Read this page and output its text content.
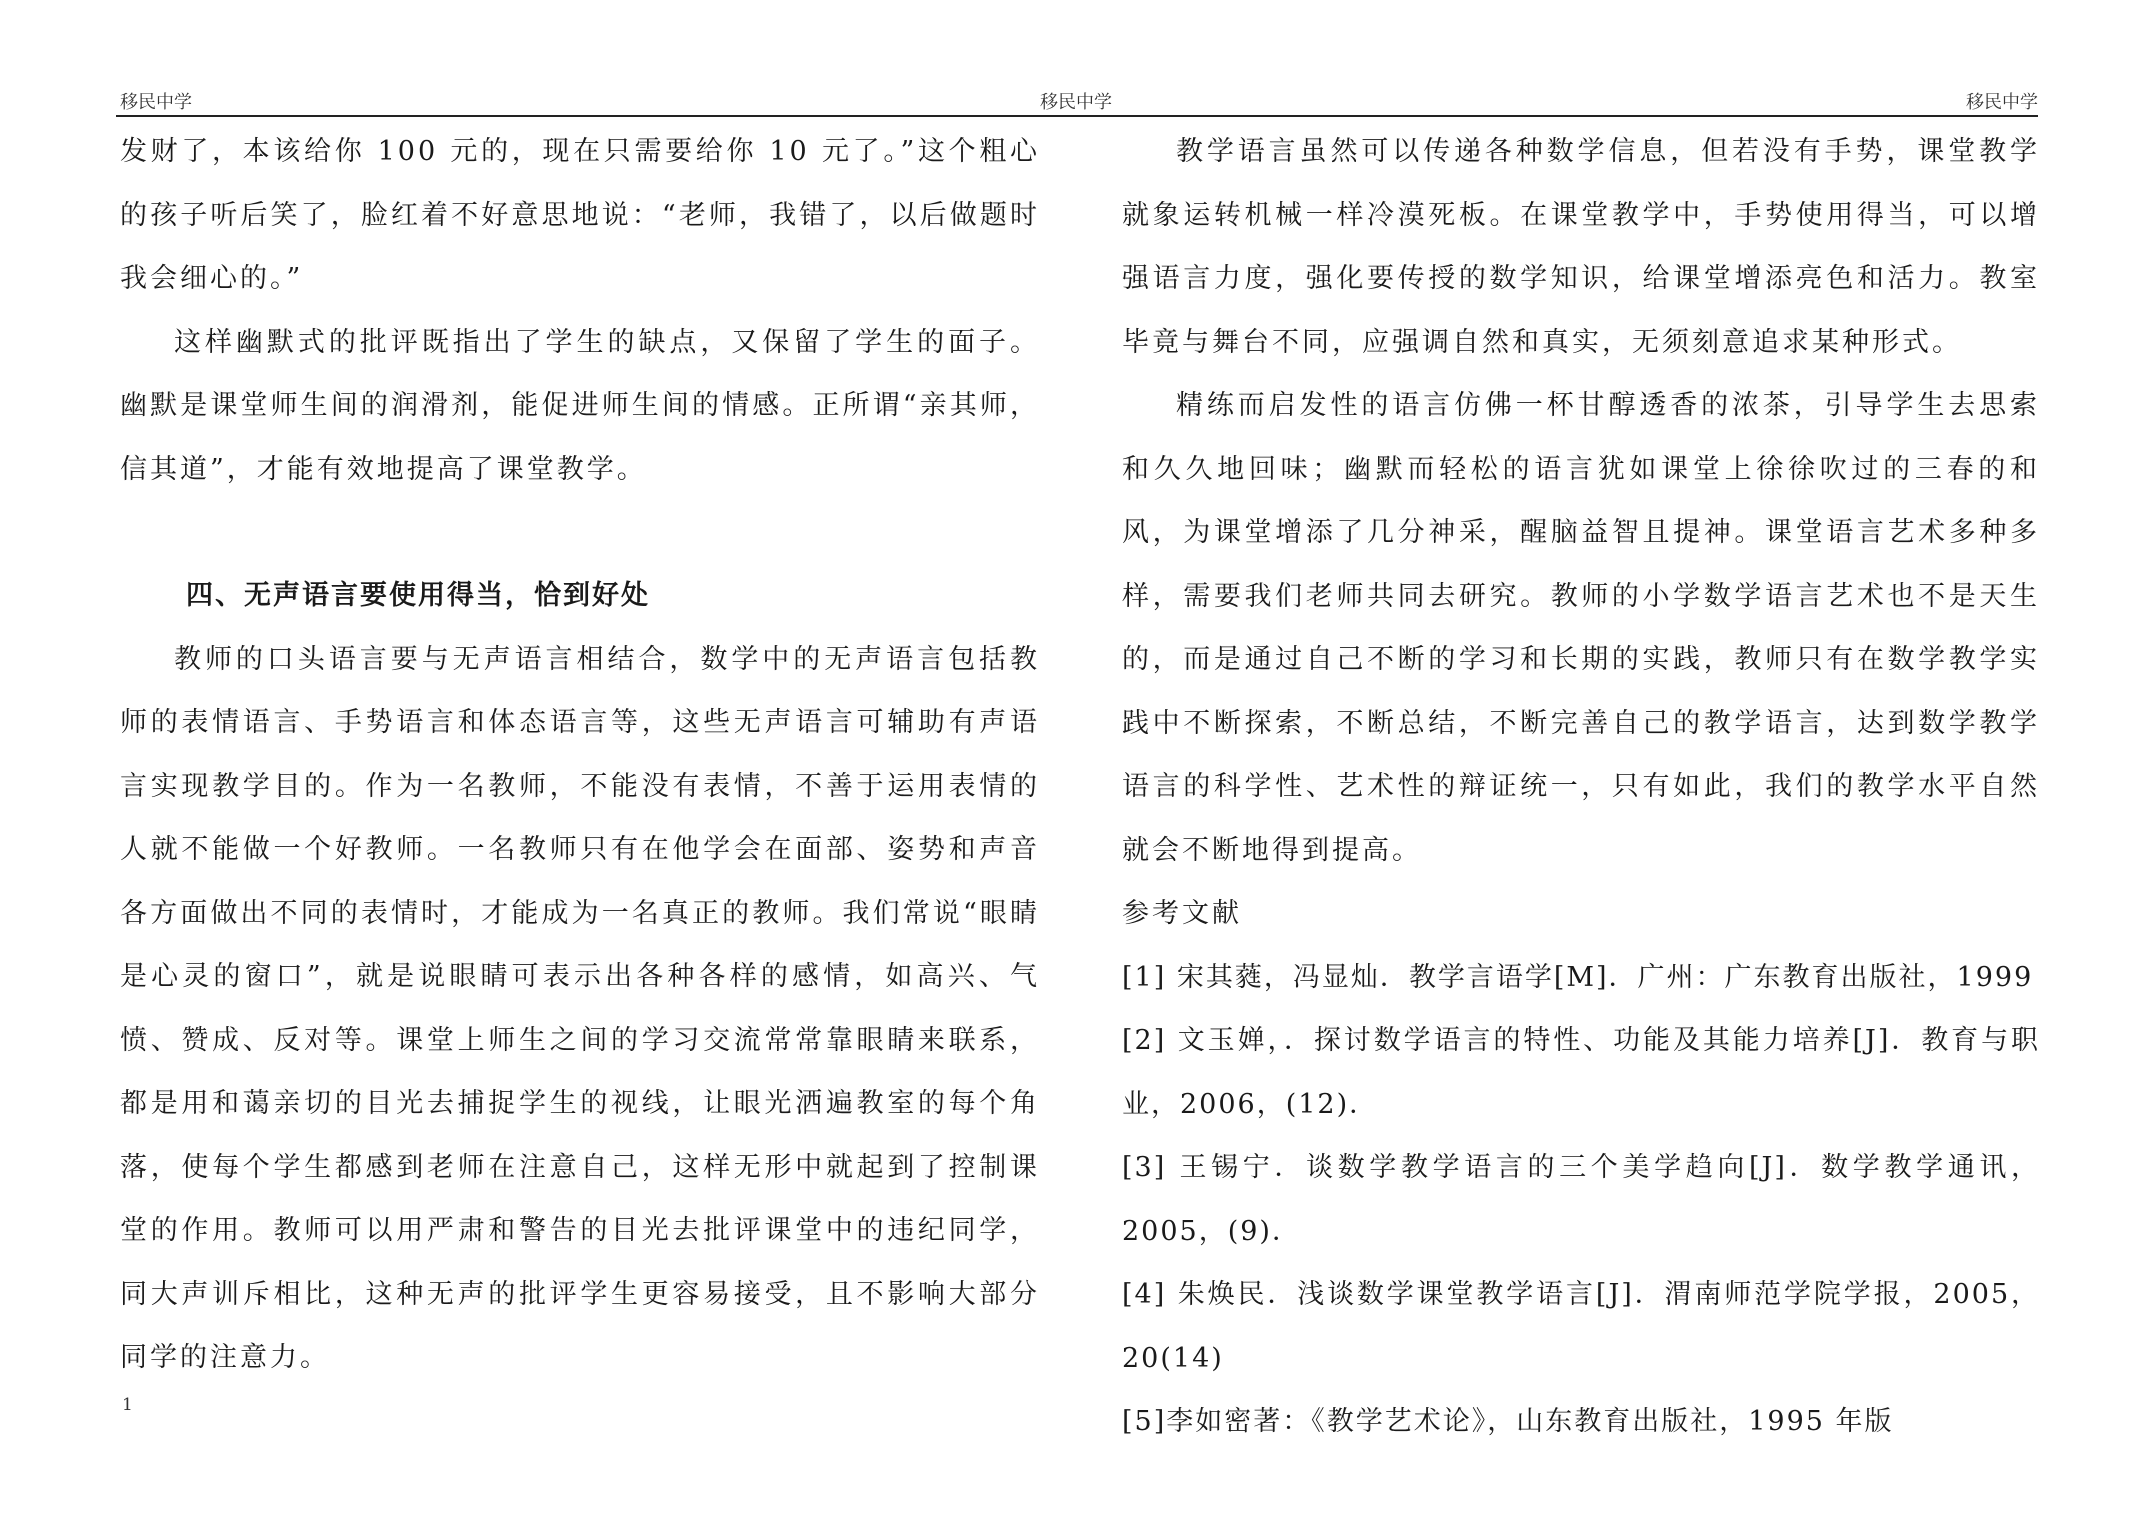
移民中学	移民中学	移民中学

发财了，本该给你 100 元的，现在只需要给你 10 元了。”这个粗心的孩子听后笑了，脸红着不好意思地说：“老师，我错了，以后做题时我会细心的。”

这样幽默式的批评既指出了学生的缺点，又保留了学生的面子。幽默是课堂师生间的润滑剂，能促进师生间的情感。正所谓“亲其师，信其道”，才能有效地提高了课堂教学。

四、无声语言要使用得当，恰到好处

教师的口头语言要与无声语言相结合，数学中的无声语言包括教师的表情语言、手势语言和体态语言等，这些无声语言可辅助有声语言实现教学目的。作为一名教师，不能没有表情，不善于运用表情的人就不能做一个好教师。一名教师只有在他学会在面部、姿势和声音各方面做出不同的表情时，才能成为一名真正的教师。我们常说“眼睛是心灵的窗口”，就是说眼睛可表示出各种各样的感情，如高兴、气愤、赞成、反对等。课堂上师生之间的学习交流常常靠眼睛来联系，都是用和蔼亲切的目光去捕捉学生的视线，让眼光洒遍教室的每个角落，使每个学生都感到老师在注意自己，这样无形中就起到了控制课堂的作用。教师可以用严肃和警告的目光去批评课堂中的违纪同学，同大声训斥相比，这种无声的批评学生更容易接受，且不影响大部分同学的注意力。

教学语言虽然可以传递各种数学信息，但若没有手势，课堂教学就象运转机械一样冷漠死板。在课堂教学中，手势使用得当，可以增强语言力度，强化要传授的数学知识，给课堂增添亮色和活力。教室毕竟与舞台不同，应强调自然和真实，无须刻意追求某种形式。

精练而启发性的语言仿佛一杯甘醇透香的浓茶，引导学生去思索和久久地回味；幽默而轻松的语言犹如课堂上徐徐吹过的三春的和风，为课堂增添了几分神采，醒脑益智且提神。课堂语言艺术多种多样，需要我们老师共同去研究。教师的小学数学语言艺术也不是天生的，而是通过自己不断的学习和长期的实践，教师只有在数学教学实践中不断探索，不断总结，不断完善自己的教学语言，达到数学教学语言的科学性、艺术性的辩证统一，只有如此，我们的教学水平自然就会不断地得到提高。

参考文献

[1] 宋其蕤，冯显灿．教学言语学[M]．广州：广东教育出版社，1999

[2] 文玉婵，．探讨数学语言的特性、功能及其能力培养[J]．教育与职业，2006，(12)．

[3] 王锡宁．谈数学教学语言的三个美学趋向[J]．数学教学通讯，2005，(9)．

[4] 朱焕民．浅谈数学课堂教学语言[J]．渭南师范学院学报，2005，20(14)

[5]李如密著：《教学艺术论》，山东教育出版社，1995 年版

1
